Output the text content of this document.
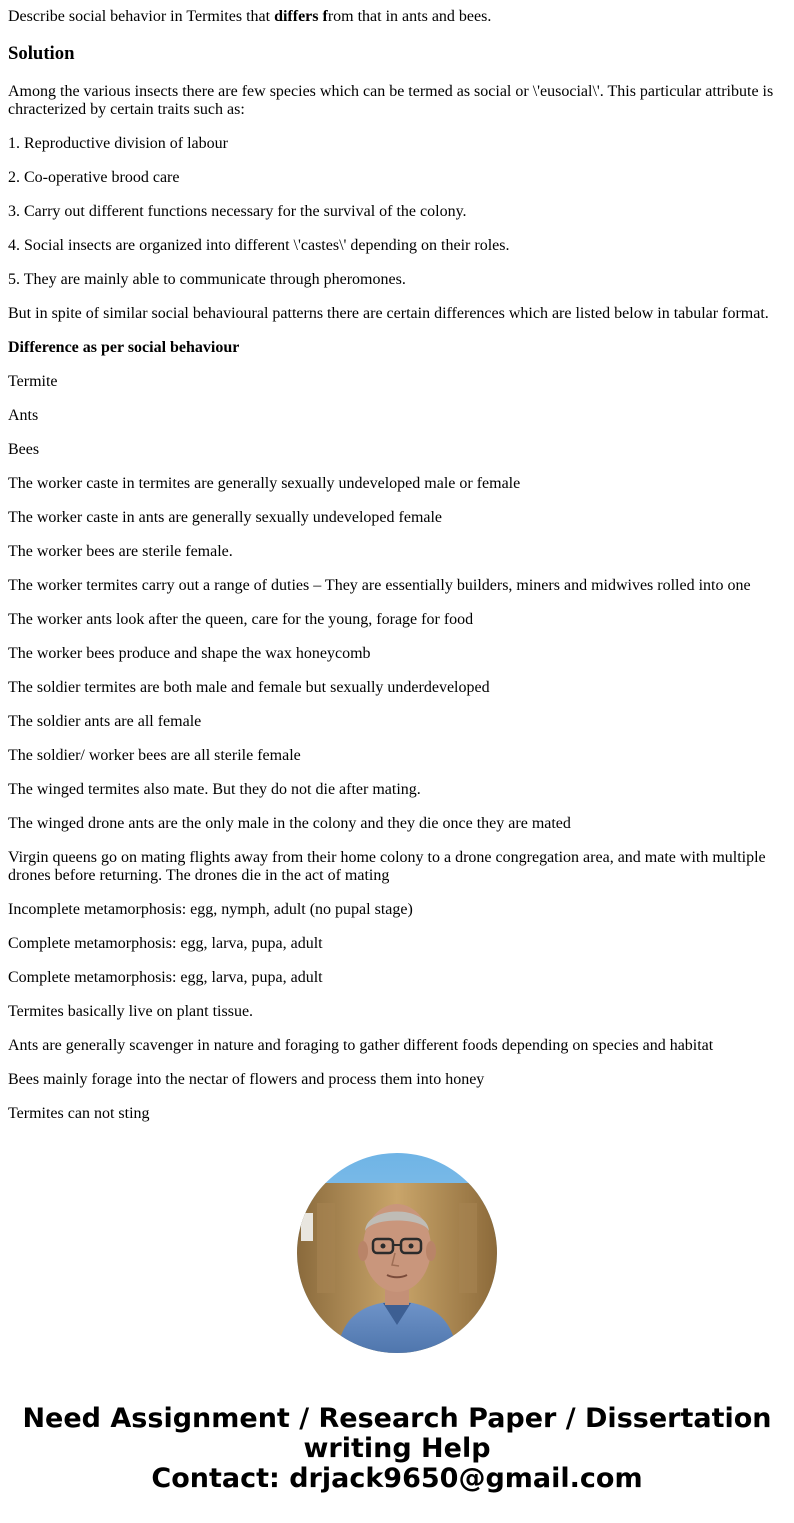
Describe social behavior in Termites that differs from that in ants and bees.

Solution

Among the various insects there are few species which can be termed as social or \'eusocial\'. This particular attribute is chracterized by certain traits such as:

1. Reproductive division of labour

2. Co-operative brood care

3. Carry out different functions necessary for the survival of the colony.

4. Social insects are organized into different \'castes\' depending on their roles.

5. They are mainly able to communicate through pheromones.

But in spite of similar social behavioural patterns there are certain differences which are listed below in tabular format.

Difference as per social behaviour

Termite

Ants

Bees

The worker caste in termites are generally sexually undeveloped male or female

The worker caste in ants are generally sexually undeveloped female

The worker bees are sterile female.

The worker termites carry out a range of duties – They are essentially builders, miners and midwives rolled into one

The worker ants look after the queen, care for the young, forage for food

The worker bees produce and shape the wax honeycomb

The soldier termites are both male and female but sexually underdeveloped

The soldier ants are all female

The soldier/ worker bees are all sterile female

The winged termites also mate. But they do not die after mating.

The winged drone ants are the only male in the colony and they die once they are mated

Virgin queens go on mating flights away from their home colony to a drone congregation area, and mate with multiple drones before returning. The drones die in the act of mating

Incomplete metamorphosis: egg, nymph, adult (no pupal stage)

Complete metamorphosis: egg, larva, pupa, adult

Complete metamorphosis: egg, larva, pupa, adult

Termites basically live on plant tissue.

Ants are generally scavenger in nature and foraging to gather different foods depending on species and habitat

Bees mainly forage into the nectar of flowers and process them into honey

Termites can not sting

Need Assignment / Research Paper / Dissertation
writing Help
Contact: drjack9650@gmail.com
